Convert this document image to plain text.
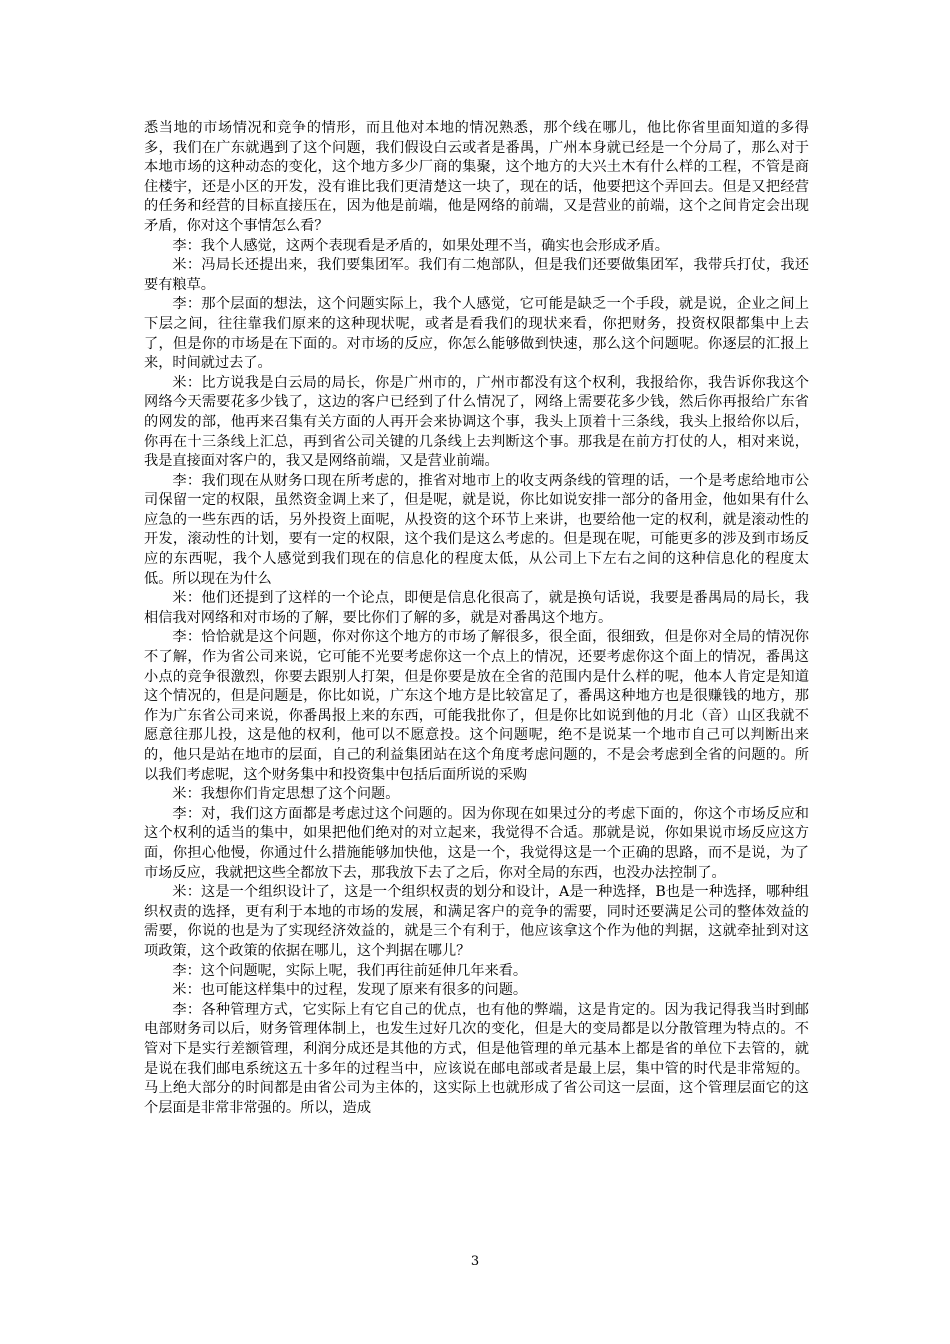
悉当地的市场情况和竞争的情形，而且他对本地的情况熟悉，那个线在哪儿，他比你省里面知道的多得多，我们在广东就遇到了这个问题，我们假设白云或者是番禺，广州本身就已经是一个分局了，那么对于本地市场的这种动态的变化，这个地方多少厂商的集聚，这个地方的大兴土木有什么样的工程，不管是商住楼宇，还是小区的开发，没有谁比我们更清楚这一块了，现在的话，他要把这个弄回去。但是又把经营的任务和经营的目标直接压在，因为他是前端，他是网络的前端，又是营业的前端，这个之间肯定会出现矛盾，你对这个事情怎么看？

李：我个人感觉，这两个表现看是矛盾的，如果处理不当，确实也会形成矛盾。

米：冯局长还提出来，我们要集团军。我们有二炮部队，但是我们还要做集团军，我带兵打仗，我还要有粮草。

李：那个层面的想法，这个问题实际上，我个人感觉，它可能是缺乏一个手段，就是说，企业之间上下层之间，往往靠我们原来的这种现状呢，或者是看我们的现状来看，你把财务，投资权限都集中上去了，但是你的市场是在下面的。对市场的反应，你怎么能够做到快速，那么这个问题呢。你逐层的汇报上来，时间就过去了。

米：比方说我是白云局的局长，你是广州市的，广州市都没有这个权利，我报给你，我告诉你我这个网络今天需要花多少钱了，这边的客户已经到了什么情况了，网络上需要花多少钱，然后你再报给广东省的网发的部，他再来召集有关方面的人再开会来协调这个事，我头上顶着十三条线，我头上报给你以后，你再在十三条线上汇总，再到省公司关键的几条线上去判断这个事。那我是在前方打仗的人，相对来说，我是直接面对客户的，我又是网络前端，又是营业前端。

李：我们现在从财务口现在所考虑的，推省对地市上的收支两条线的管理的话，一个是考虑给地市公司保留一定的权限，虽然资金调上来了，但是呢，就是说，你比如说安排一部分的备用金，他如果有什么应急的一些东西的话，另外投资上面呢，从投资的这个环节上来讲，也要给他一定的权利，就是滚动性的开发，滚动性的计划，要有一定的权限，这个我们是这么考虑的。但是现在呢，可能更多的涉及到市场反应的东西呢，我个人感觉到我们现在的信息化的程度太低，从公司上下左右之间的这种信息化的程度太低。所以现在为什么

米：他们还提到了这样的一个论点，即便是信息化很高了，就是换句话说，我要是番禺局的局长，我相信我对网络和对市场的了解，要比你们了解的多，就是对番禺这个地方。

李：恰恰就是这个问题，你对你这个地方的市场了解很多，很全面，很细致，但是你对全局的情况你不了解，作为省公司来说，它可能不光要考虑你这一个点上的情况，还要考虑你这个面上的情况，番禺这小点的竞争很激烈，你要去跟别人打架，但是你要是放在全省的范围内是什么样的呢，他本人肯定是知道这个情况的，但是问题是，你比如说，广东这个地方是比较富足了，番禺这种地方也是很赚钱的地方，那作为广东省公司来说，你番禺报上来的东西，可能我批你了，但是你比如说到他的月北（音）山区我就不愿意往那儿投，这是他的权利，他可以不愿意投。这个问题呢，绝不是说某一个地市自己可以判断出来的，他只是站在地市的层面，自己的利益集团站在这个角度考虑问题的，不是会考虑到全省的问题的。所以我们考虑呢，这个财务集中和投资集中包括后面所说的采购

米：我想你们肯定思想了这个问题。

李：对，我们这方面都是考虑过这个问题的。因为你现在如果过分的考虑下面的，你这个市场反应和这个权利的适当的集中，如果把他们绝对的对立起来，我觉得不合适。那就是说，你如果说市场反应这方面，你担心他慢，你通过什么措施能够加快他，这是一个，我觉得这是一个正确的思路，而不是说，为了市场反应，我就把这些全都放下去，那我放下去了之后，你对全局的东西，也没办法控制了。

米：这是一个组织设计了，这是一个组织权责的划分和设计，A是一种选择，B也是一种选择，哪种组织权责的选择，更有利于本地的市场的发展，和满足客户的竞争的需要，同时还要满足公司的整体效益的需要，你说的也是为了实现经济效益的，就是三个有利于，他应该拿这个作为他的判据，这就牵扯到对这项政策，这个政策的依据在哪儿，这个判据在哪儿？

李：这个问题呢，实际上呢，我们再往前延伸几年来看。

米：也可能这样集中的过程，发现了原来有很多的问题。

李：各种管理方式，它实际上有它自己的优点，也有他的弊端，这是肯定的。因为我记得我当时到邮电部财务司以后，财务管理体制上，也发生过好几次的变化，但是大的变局都是以分散管理为特点的。不管对下是实行差额管理，利润分成还是其他的方式，但是他管理的单元基本上都是省的单位下去管的，就是说在我们邮电系统这五十多年的过程当中，应该说在邮电部或者是最上层，集中管的时代是非常短的。马上绝大部分的时间都是由省公司为主体的，这实际上也就形成了省公司这一层面，这个管理层面它的这个层面是非常非常强的。所以，造成

3
